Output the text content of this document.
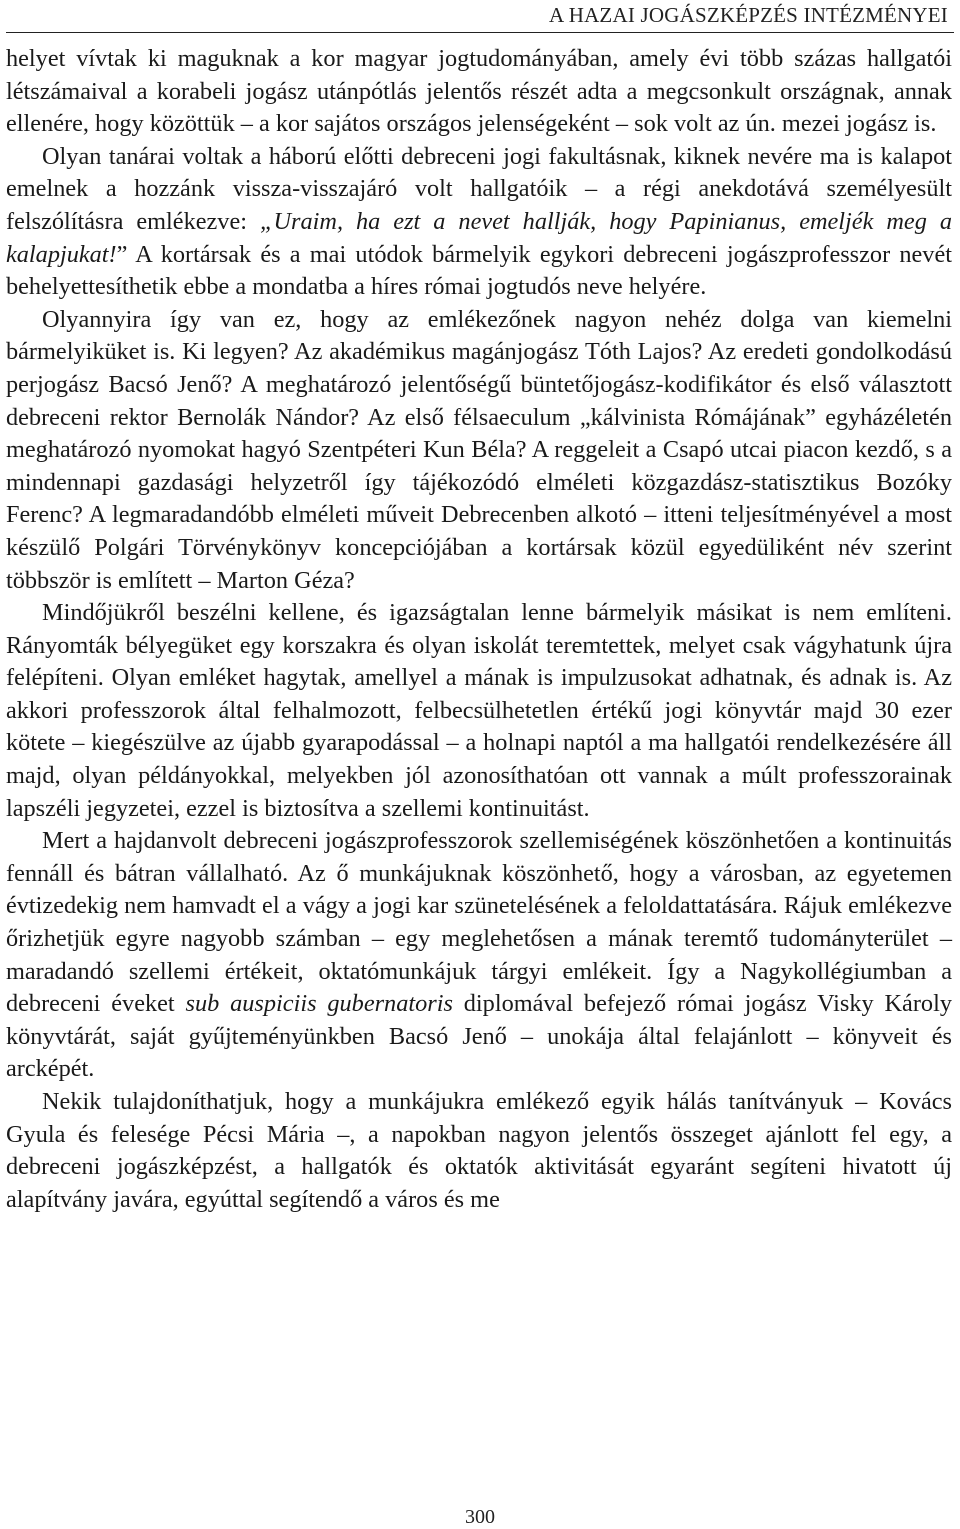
A HAZAI JOGÁSZKÉPZÉS INTÉZMÉNYEI

helyet vívtak ki maguknak a kor magyar jogtudományában, amely évi több százas hallgatói létszámaival a korabeli jogász utánpótlás jelentős részét adta a megcsonkult országnak, annak ellenére, hogy közöttük – a kor sajátos országos jelenségeként – sok volt az ún. mezei jogász is.

Olyan tanárai voltak a háború előtti debreceni jogi fakultásnak, kiknek nevére ma is kalapot emelnek a hozzánk vissza-visszajáró volt hallgatóik – a régi anekdotává személyesült felszólításra emlékezve: „Uraim, ha ezt a nevet hallják, hogy Papinianus, emeljék meg a kalapjukat!” A kortársak és a mai utódok bármelyik egykori debreceni jogászprofesszor nevét behelyettesíthetik ebbe a mondatba a híres római jogtudós neve helyére.

Olyannyira így van ez, hogy az emlékezőnek nagyon nehéz dolga van kiemelni bármelyiküket is. Ki legyen? Az akadémikus magánjogász Tóth Lajos? Az eredeti gondolkodású perjogász Bacsó Jenő? A meghatározó jelentőségű büntetőjogász-kodifikátor és első választott debreceni rektor Bernolák Nándor? Az első félsaeculum „kálvinista Rómájának” egyházéletén meghatározó nyomokat hagyó Szentpéteri Kun Béla? A reggeleit a Csapó utcai piacon kezdő, s a mindennapi gazdasági helyzetről így tájékozódó elméleti közgazdász-statisztikus Bozóky Ferenc? A legmaradandóbb elméleti műveit Debrecenben alkotó – itteni teljesítményével a most készülő Polgári Törvénykönyv koncepciójában a kortársak közül egyedüliként név szerint többször is említett – Marton Géza?

Mindőjükről beszélni kellene, és igazságtalan lenne bármelyik másikat is nem említeni. Rányomták bélyegüket egy korszakra és olyan iskolát teremtettek, melyet csak vágyhatunk újra felépíteni. Olyan emléket hagytak, amellyel a mának is impulzusokat adhatnak, és adnak is. Az akkori professzorok által felhalmozott, felbecsülhetetlen értékű jogi könyvtár majd 30 ezer kötete – kiegészülve az újabb gyarapodással – a holnapi naptól a ma hallgatói rendelkezésére áll majd, olyan példányokkal, melyekben jól azonosíthatóan ott vannak a múlt professzorainak lapszéli jegyzetei, ezzel is biztosítva a szellemi kontinuitást.

Mert a hajdanvolt debreceni jogászprofesszorok szellemiségének köszönhetően a kontinuitás fennáll és bátran vállalható. Az ő munkájuknak köszönhető, hogy a városban, az egyetemen évtizedekig nem hamvadt el a vágy a jogi kar szünetelésének a feloldattatására. Rájuk emlékezve őrizhetjük egyre nagyobb számban – egy meglehetősen a mának teremtő tudományterület – maradandó szellemi értékeit, oktatómunkájuk tárgyi emlékeit. Így a Nagykollégiumban a debreceni éveket sub auspiciis gubernatoris diplomával befejező római jogász Visky Károly könyvtárát, saját gyűjteményünkben Bacsó Jenő – unokája által felajánlott – könyveit és arcképét.

Nekik tulajdoníthatjuk, hogy a munkájukra emlékező egyik hálás tanítványuk – Kovács Gyula és felesége Pécsi Mária –, a napokban nagyon jelentős összeget ajánlott fel egy, a debreceni jogászképzést, a hallgatók és oktatók aktivitását egyaránt segíteni hivatott új alapítvány javára, egyúttal segítendő a város és me

300
